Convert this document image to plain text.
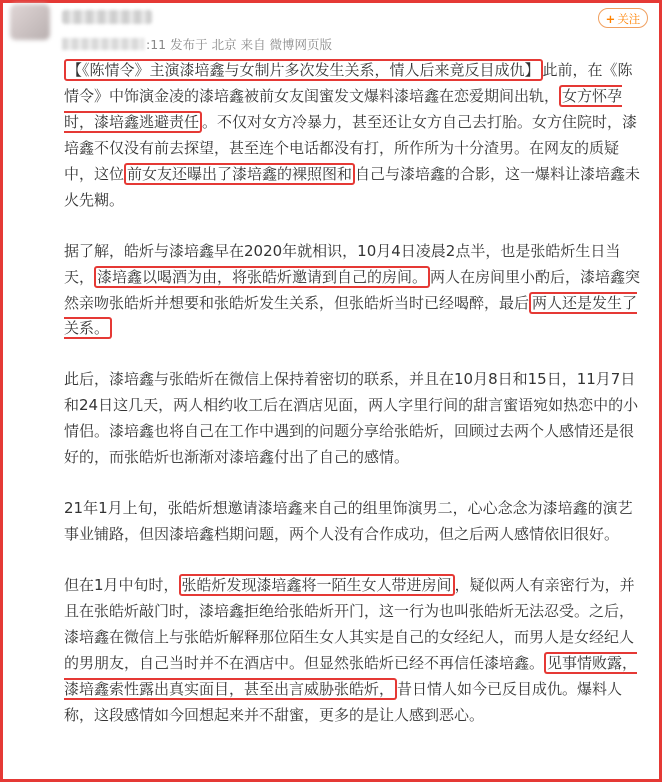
:11 发布于 北京 来自 微博网页版
+ 关注

【《陈情令》主演漆培鑫与女制片多次发生关系，情人后来竟反目成仇】 此前，在《陈情令》中饰演金凌的漆培鑫被前女友闺蜜发文爆料漆培鑫在恋爱期间出轨， 女方怀孕时，漆培鑫逃避责任 。不仅对女方冷暴力，甚至还让女方自己去打胎。女方住院时，漆培鑫不仅没有前去探望，甚至连个电话都没有打，所作所为十分渣男。在网友的质疑中，这位 前女友还曝出了漆培鑫的裸照图和 自己与漆培鑫的合影，这一爆料让漆培鑫未火先糊。

据了解，皓炘与漆培鑫早在2020年就相识，10月4日凌晨2点半，也是张皓炘生日当天， 漆培鑫以喝酒为由，将张皓炘邀请到自己的房间。 两人在房间里小酌后，漆培鑫突然亲吻张皓炘并想要和张皓炘发生关系，但张皓炘当时已经喝醉，最后 两人还是发生了关系。

此后，漆培鑫与张皓炘在微信上保持着密切的联系，并且在10月8日和15日，11月7日和24日这几天，两人相约收工后在酒店见面，两人字里行间的甜言蜜语宛如热恋中的小情侣。漆培鑫也将自己在工作中遇到的问题分享给张皓炘，回顾过去两个人感情还是很好的，而张皓炘也渐渐对漆培鑫付出了自己的感情。

21年1月上旬，张皓炘想邀请漆培鑫来自己的组里饰演男二，心心念念为漆培鑫的演艺事业铺路，但因漆培鑫档期问题，两个人没有合作成功，但之后两人感情依旧很好。

但在1月中旬时， 张皓炘发现漆培鑫将一陌生女人带进房间 ，疑似两人有亲密行为，并且在张皓炘敲门时，漆培鑫拒绝给张皓炘开门，这一行为也叫张皓炘无法忍受。之后，漆培鑫在微信上与张皓炘解释那位陌生女人其实是自己的女经纪人，而男人是女经纪人的男朋友，自己当时并不在酒店中。但显然张皓炘已经不再信任漆培鑫。 见事情败露，漆培鑫索性露出真实面目，甚至出言威胁张皓炘， 昔日情人如今已反目成仇。爆料人称，这段感情如今回想起来并不甜蜜，更多的是让人感到恶心。
